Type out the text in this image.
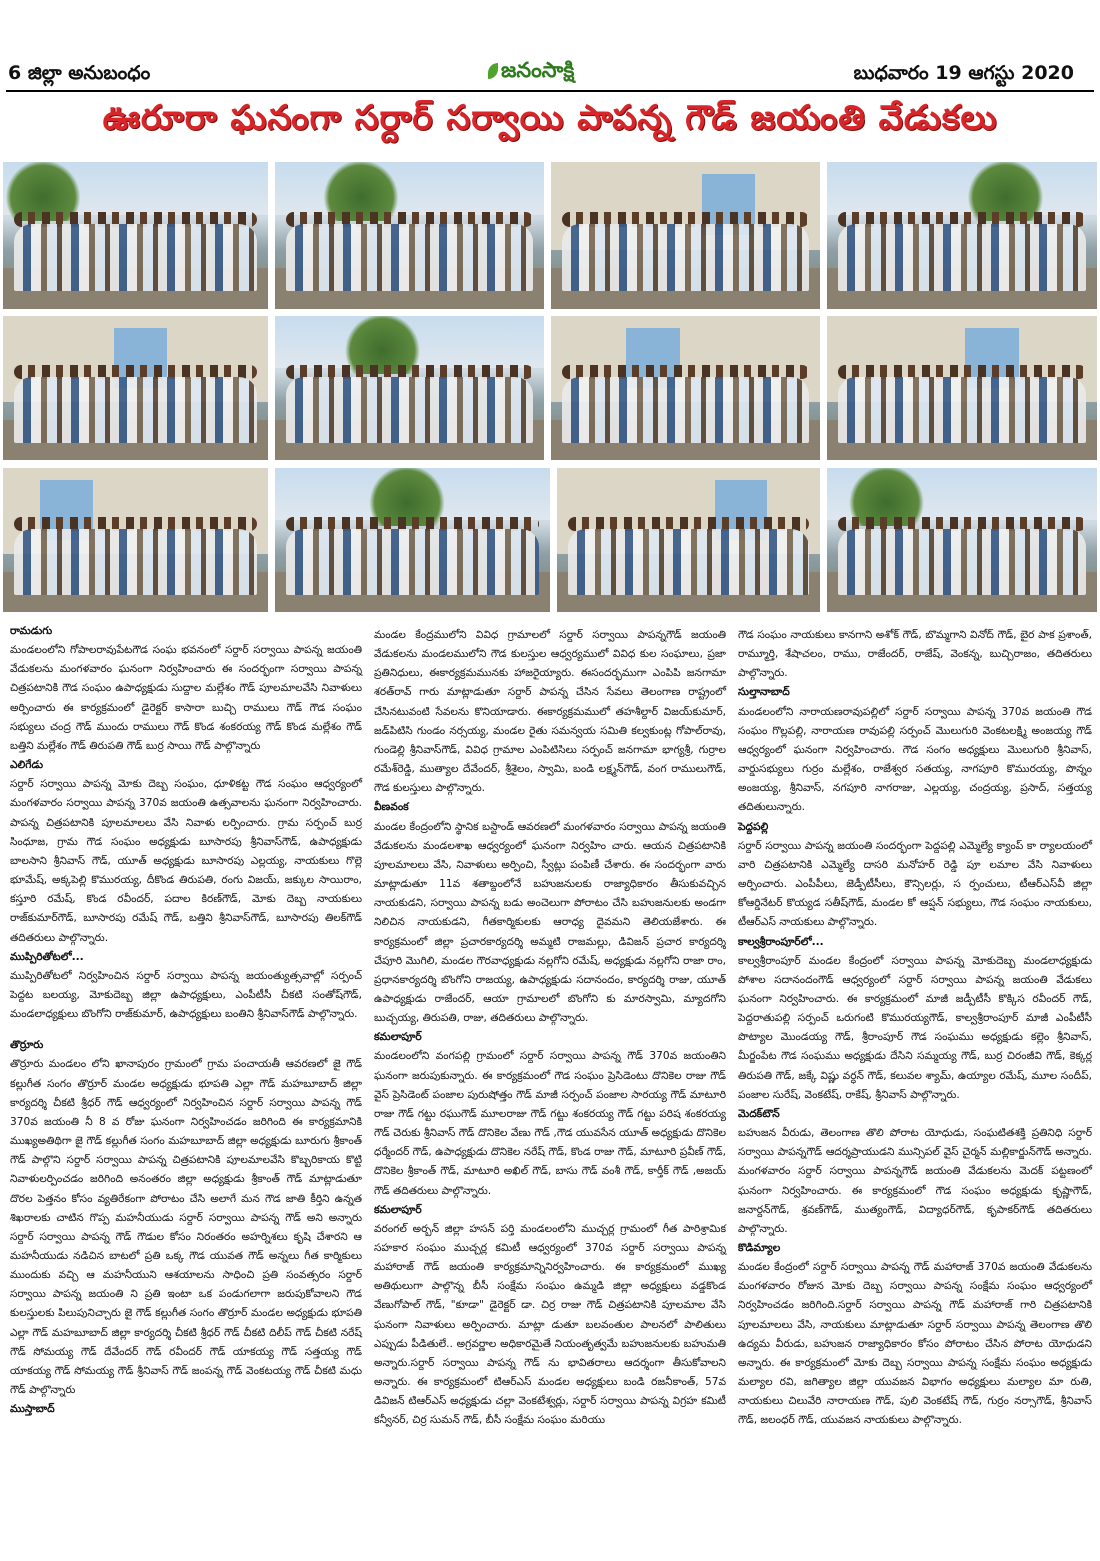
6 జిల్లా అనుబంధం	జనంసాక్షి	బుధవారం 19 ఆగస్టు 2020
ఊరూరా ఘనంగా సర్దార్ సర్వాయి పాపన్న గౌడ్ జయంతి వేడుకలు
రామడుగు

మండలంలోని గోపాలరావుపేటగౌడ సంఘ భవనంలో సర్దార్ సర్వాయి పాపన్న జయంతి వేడుకలను మంగళవారం ఘనంగా నిర్వహించారు ఈ సందర్భంగా సర్వాయి పాపన్న చిత్రపటానికి గౌడ సంఘం ఉపాధ్యక్షుడు సుద్దాల మల్లేశం గౌడ్ పూలమాలవేసి నివాళులు అర్పించారు ఈ కార్యక్రమంలో డైరెక్టర్ కాసారా బుచ్చి రాములు గౌడ్ గౌడ సంఘం సభ్యులు చంద్ర గౌడ్ ముందు రాములు గౌడ్ కొండ శంకరయ్య గౌడ్ కొండ మల్లేశం గౌడ్ బత్తిని మల్లేశం గౌడ్ తిరుపతి గౌడ్ బుర్ర సాయి గౌడ్ పాల్గొన్నారు

ఎలిగేడు

సర్దార్ సర్వాయి పాపన్న మోకు దెబ్బ సంఘం, ధూళికట్ట గౌడ సంఘం ఆధ్వర్యంలో మంగళవారం సర్వాయి పాపన్న 370వ జయంతి ఉత్సవాలను ఘనంగా నిర్వహించారు. పాపన్న చిత్రపటానికి పూలమాలలు వేసి నివాళు లర్పించారు. గ్రామ సర్పంచ్ బుర్ర సింధూజ, గ్రామ గౌడ సంఘం అధ్యక్షుడు బూసారపు శ్రీనివాస్‌గౌడ్, ఉపాధ్యక్షుడు బాలసాని శ్రీనివాస్ గౌడ్, యూత్ అధ్యక్షుడు బూసారపు ఎల్లయ్య, నాయకులు గొల్లె భూమేష్, అక్కపెల్లి కొమురయ్య, దీకొండ తిరుపతి, రంగు విజయ్, జక్కుల సాయిరాం, కస్తూరి రమేష్, కొండ రవీందర్, పదాల కిరణ్‌గౌడ్, మోకు దెబ్బ నాయకులు రాజ్‌కుమార్‌గౌడ్, బూసారపు రమేష్ గౌడ్, బత్తిని శ్రీనివాస్‌గౌడ్, బూసారపు తిలక్‌గౌడ్ తదితరులు పాల్గొన్నారు.

ముప్పిరితోటలో...

ముప్పిరితోటలో నిర్వహించిన సర్దార్ సర్వాయి పాపన్న జయంత్యుత్సవాల్లో సర్పంచ్ పెద్దట బలయ్య, మోకుదెబ్బ జిల్లా ఉపాధ్యక్షులు, ఎంపీటీసీ చీకటి సంతోష్‌గౌడ్, మండలాధ్యక్షులు బొంగోని రాజ్‌కుమార్, ఉపాధ్యక్షులు బంతిని శ్రీనివాస్‌గౌడ్ పాల్గొన్నారు.

తొర్రూరు

తొర్రూరు మండలం లోని ఖానాపురం గ్రామంలో గ్రామ పంచాయతీ ఆవరణలో జై గౌడ్ కల్లుగీత సంగం తొర్రూర్ మండల అధ్యక్షుడు భూపతి ఎల్లా గౌడ్ మహబూబాద్ జిల్లా కార్యదర్శి చీకటి శ్రీధర్ గౌడ్ ఆధ్వర్యంలో నిర్వహించిన సర్దార్ సర్వాయి పాపన్న గౌడ్ 370వ జయంతి నీ 8 వ రోజు ఘనంగా నిర్వహించడం జరిగింది ఈ కార్యక్రమానికి ముఖ్యఅతిథిగా జై గౌడ్ కల్లుగీత సంగం మహబూబాద్ జిల్లా అధ్యక్షుడు బూరుగు శ్రీకాంత్ గౌడ్ పాల్గొని సర్దార్ సర్వాయి పాపన్న చిత్రపటానికి పూలమాలవేసి కొబ్బరికాయ కొట్టి నివాళులర్పించడం జరిగింది అనంతరం జిల్లా అధ్యక్షుడు శ్రీకాంత్ గౌడ్ మాట్లాడుతూ దొరల పెత్తనం కోసం వ్యతిరేకంగా పోరాటం చేసి అలాగే మన గౌడ జాతి కీర్తిని ఉన్నత శిఖరాలకు చాటిన గొప్ప మహనీయుడు సర్దార్ సర్వాయి పాపన్న గౌడ్ అని అన్నారు సర్దార్ సర్వాయి పాపన్న గౌడ్ గౌడుల కోసం నిరంతరం అహర్నిశలు కృషి చేశారని ఆ మహనీయుడు నడిచిన బాటలో ప్రతి ఒక్క గౌడ యువత గౌడ్ అన్నలు గీత కార్మికులు ముందుకు వచ్చి ఆ మహనీయుని ఆశయాలను సాధించి ప్రతి సంవత్సరం సర్దార్ సర్వాయి పాపన్న జయంతి ని ప్రతి ఇంటా ఒక పండుగలాగా జరుపుకోవాలని గౌడ కులస్తులకు పిలుపునిచ్చారు జై గౌడ్ కల్లుగీత సంగం తొర్రూర్ మండల అధ్యక్షుడు భూపతి ఎల్లా గౌడ్ మహబూబాద్ జిల్లా కార్యదర్శి చీకటి శ్రీధర్ గౌడ్ చీకటి దిలీప్ గౌడ్ చీకటి నరేష్ గౌడ్ సోమయ్య గౌడ్ దేవేందర్ గౌడ్ రవీందర్ గౌడ్ యాకయ్య గౌడ్ సత్తయ్య గౌడ్ యాకయ్య గౌడ్ సోమయ్య గౌడ్ శ్రీనివాస్ గౌడ్ జంపన్న గౌడ్ వెంకటయ్య గౌడ్ చీకటి మధు గౌడ్ పాల్గొన్నారు

ముస్తాబాద్

మండల కేంద్రములోని వివిధ గ్రామాలలో సర్దార్ సర్వాయి పాపన్నగౌడ్ జయంతి వేడుకలను మండలములోని గౌడ కులస్తుల ఆధ్వర్యములో వివిధ కుల సంఘాలు, ప్రజా ప్రతినిధులు, ఈకార్యక్రమమునకు హాజరైయ్యారు. ఈసందర్భముగా ఎంపిపి జనగామా శరత్‌రావ్ గారు మాట్లాడుతూ సర్దార్ పాపన్న చేసిన సేవలు తెలంగాణ రాష్ట్రంలో చేసినటువంటి సేవలను కొనియాడారు. ఈకార్యక్రమములో తహశీల్దార్ విజయ్‌కుమార్, జడ్‌పిటిసి గుండం నర్సయ్య, మండల రైతు సమన్వయ సమితి కల్వకుంట్ల గోపాల్‌రావు, గుండెల్లి శ్రీనివాస్‌గౌడ్, వివిధ గ్రామాల ఎంపిటిసిలు సర్పంచ్ జనగామా భాగ్యశ్రీ, గుర్రాల రమేశ్‌రెడ్డి, ముత్యాల దేవేందర్, శ్రీశైలం, స్వామి, బండి లక్ష్మన్‌గౌడ్, వంగ రాములుగౌడ్, గౌడ కులస్తులు పాల్గొన్నారు.

వీణవంక

మండల కేంద్రంలోని స్థానిక బస్టాండ్ ఆవరణలో మంగళవారం సర్వాయి పాపన్న జయంతి వేడుకలను మండలశాఖ ఆధ్వర్యంలో ఘనంగా నిర్వహిం చారు. ఆయన చిత్రపటానికి పూలమాలలు వేసి, నివాళులు అర్పించి, స్వీట్లు పంపిణీ చేశారు. ఈ సందర్భంగా వారు మాట్లాడుతూ 11వ శతాబ్దంలోనే బహుజనులకు రాజ్యాధికారం తీసుకువచ్చిన నాయకుడని, సర్వాయి పాపన్న బడు అంచెలుగా పోరాటం చేసి బహుజనులకు అండగా నిలిచిన నాయకుడని, గీతకార్మికులకు ఆరాధ్య దైవమని తెలియజేశారు. ఈ కార్యక్రమంలో జిల్లా ప్రచారకార్యదర్శి అమ్మటి రాజమల్లు, డివిజన్ ప్రచార కార్యదర్శి చేపూరి మొగిలి, మండల గౌరవాధ్యక్షుడు నల్లగోని రమేష్, అధ్యక్షుడు నల్లగోని రాజా రాం, ప్రధానకార్యదర్శి బొంగోని రాజయ్య, ఉపాధ్యక్షుడు సదానందం, కార్యదర్శి రాజు, యూత్ ఉపాధ్యక్షుడు రాజేందర్, ఆయా గ్రామాలలో బొంగోని కు మారస్వామి, మ్యాదగోని బుచ్చయ్య, తిరుపతి, రాజు, తదితరులు పాల్గొన్నారు.

కమలాపూర్

మండలంలోని వంగపల్లి గ్రామంలో సర్దార్ సర్వాయి పాపన్న గౌడ్ 370వ జయంతిని ఘనంగా జరుపుకున్నారు. ఈ కార్యక్రమంలో గౌడ సంఘం ప్రెసిడెంటు దొనికెల రాజు గౌడ్ వైస్ ప్రెసిడెంట్ పంజాల పురుషోత్తం గౌడ్ మాజీ సర్పంచ్ పంజాల సారయ్య గౌడ్ మాటూరి రాజు గౌడ్ గట్టు రఘుగౌడ్ మూలరాజు గౌడ్ గట్టు శంకరయ్య గౌడ్ గట్టు పరిష శంకరయ్య గౌడ్ చెరుకు శ్రీనివాస్ గౌడ్ దొనికెల వేణు గౌడ్ ,గౌడ యువసేన యూత్ అధ్యక్షుడు దొనికెల ధర్మేందర్ గౌడ్, ఉపాధ్యక్షుడు దొనికెల నరేష్ గౌడ్, కొండ రాజు గౌడ్, మాటూరి ప్రవీణ్ గౌడ్, దొనికెల శ్రీకాంత్ గౌడ్, మాటూరి అఖిల్ గౌడ్, బాసు గౌడ్ వంశీ గౌడ్, కార్తీక్ గౌడ్ ,అజయ్ గౌడ్ తదితరులు పాల్గొన్నారు.

కమలాపూర్

వరంగల్ అర్బన్ జిల్లా హసన్ పర్తి మండలంలోని ముచ్చర్ల గ్రామంలో గీత పారిశ్రామిక సహకార సంఘం ముచ్చర్ల కమిటీ ఆధ్వర్యంలో 370వ సర్దార్ సర్వాయి పాపన్న మహారాజ్ గౌడ్ జయంతి కార్యక్రమాన్నినిర్వహించారు. ఈ కార్యక్రమంలో ముఖ్య అతిథులుగా పాల్గొన్న బీసీ సంక్షేమ సంఘం ఉమ్మడి జిల్లా అధ్యక్షులు వడ్డకొండ వేణుగోపాల్ గౌడ్, "కూడా" డైరెక్టర్ డా. చిర్ర రాజు గౌడ్ చిత్రపటానికి పూలమాల వేసి ఘనంగా నివాళులు అర్పించారు. మాట్లా డుతూ బలవంతుల పాలనలో పాలితులు ఎప్పుడు పీడితులే.. అగ్రవర్ణాల అధికారమైతే నియంతృత్వమే బహుజనులకు బహుమతి అన్నారు.సర్దార్ సర్వాయి పాపన్న గౌడ్ ను భావితరాలు ఆదర్శంగా తీసుకోవాలని అన్నారు. ఈ కార్యక్రమంలో టిఆర్ఎస్ మండల అధ్యక్షులు బండి రజనీకాంత్, 57వ డివిజన్ టిఆర్ఎస్ అధ్యక్షుడు చల్లా వెంకటేశ్వర్లు, సర్దార్ సర్వాయి పాపన్న విగ్రహ కమిటీ కన్వీనర్, చిర్ర సుమన్ గౌడ్, బీసీ సంక్షేమ సంఘం మరియు

గౌడ సంఘం నాయకులు కానగాని అశోక్ గౌడ్, బొమ్మగాని వినోద్ గౌడ్, బైర పాక ప్రశాంత్, రామ్మూర్తి, శేషాచలం, రాము, రాజేందర్, రాజేష్, వెంకన్న, బుచ్చిరాజం, తదితరులు పాల్గొన్నారు.

సుల్తానాబాద్

మండలంలోని నారాయణరావుపల్లిలో సర్దార్ సర్వాయి పాపన్న 370వ జయంతి గౌడ సంఘం గొల్లపల్లి, నారాయణ రావుపల్లి సర్పంచ్ మొలుగురి వెంకటలక్ష్మి అంజయ్య గౌడ్ ఆధ్వర్యంలో ఘనంగా నిర్వహించారు. గౌడ సంగం అధ్యక్షులు మొలుగురి శ్రీనివాస్, వార్డుసభ్యులు గుర్రం మల్లేశం, రాజేశ్వర సతయ్య, నాగపూరి కొమురయ్య, పొన్నం అంజయ్య, శ్రీనివాస్, నగపూరి నాగరాజు, ఎల్లయ్య, చంద్రయ్య, ప్రసాద్, సత్తయ్య తదితులున్నారు.

పెద్దపల్లి

సర్దార్ సర్వాయి పాపన్న జయంతి సందర్భంగా పెద్దపల్లి ఎమ్మెల్యే క్యాంప్ కా ర్యాలయంలో వారి చిత్రపటానికి ఎమ్మెల్యే దాసరి మనోహర్ రెడ్డి పూ లమాల వేసి నివాళులు అర్పించారు. ఎంపీపీలు, జెడ్పీటీసీలు, కౌన్సిలర్లు, స ర్పంచులు, టీఆర్ఎస్‌వీ జిల్లా కోఆర్డినేటర్ కొయ్యడ సతీష్‌గౌడ్, మండల కో ఆప్షన్ సభ్యులు, గౌడ సంఘం నాయకులు, టీఆర్ఎస్ నాయకులు పాల్గొన్నారు.

కాల్వశ్రీరాంపూర్‌లో...

కాల్వశ్రీరాంపూర్ మండల కేంద్రంలో సర్వాయి పాపన్న మోకుదెబ్బ మండలాధ్యక్షుడు పోశాల సదానందంగౌడ్ ఆధ్వర్యంలో సర్దార్ సర్వాయి పాపన్న జయంతి వేడుకలు ఘనంగా నిర్వహించారు. ఈ కార్యక్రమంలో మాజీ జడ్పీటీసీ కొక్కిస రవీందర్ గౌడ్, పెద్దరాతుపల్లి సర్పంచ్ ఒరుగంటి కొమురయ్యగౌడ్, కాల్వశ్రీరాంపూర్ మాజీ ఎంపీటీసీ పొట్యాల మొండయ్య గౌడ్, శ్రీరాంపూర్ గౌడ సంఘము అధ్యక్షుడు కల్లెం శ్రీనివాస్, మీర్జంపేట గౌడ సంఘము అధ్యక్షుడు దేసిని సమ్మయ్య గౌడ్, బుర్ర చిరంజీవి గౌడ్, కెక్కర్ల తిరుపతి గౌడ్, జక్కే విష్ణు వర్ధన్ గౌడ్, కలువల శ్యామ్, ఉయ్యాల రమేష్, మూల సందీప్, పంజాల సురేష్, వెంకటేష్, రాకేష్, శ్రీనివాస్ పాల్గొన్నారు.

మెదక్‌టౌన్

బహుజన వీరుడు, తెలంగాణ తొలి పోరాట యోధుడు, సంఘటితశక్తి ప్రతినిధి సర్దార్ సర్వాయి పాపన్నగౌడ్ ఆదర్శప్రాయుడని మున్సిపల్ వైస్ చైర్మన్ మల్లికార్జున్‌గౌడ్ అన్నారు. మంగళవారం సర్దార్ సర్వాయి పాపన్నగౌడ్ జయంతి వేడుకలను మెదక్ పట్టణంలో ఘనంగా నిర్వహించారు. ఈ కార్యక్రమంలో గౌడ సంఘం అధ్యక్షుడు కృష్ణాగౌడ్, జనార్దన్‌గౌడ్, శ్రవణ్‌గౌడ్, ముత్యంగౌడ్, విద్యాధర్‌గౌడ్, కృపాకర్‌గౌడ్ తదితరులు పాల్గొన్నారు.

కొడిమ్యాల

మండల కేంద్రంలో సర్దార్ సర్వాయి పాపన్న గౌడ్ మహారాజ్ 370వ జయంతి వేడుకలను మంగళవారం రోజున మోకు దెబ్బ సర్వాయి పాపన్న సంక్షేమ సంఘం ఆధ్వర్యంలో నిర్వహించడం జరిగింది.సర్దార్ సర్వాయి పాపన్న గౌడ్ మహారాజ్ గారి చిత్రపటానికి పూలమాలలు వేసి, నాయకులు మాట్లాడుతూ సర్దార్ సర్వాయి పాపన్న తెలంగాణ తొలి ఉద్యమ వీరుడు, బహుజన రాజ్యాధికారం కోసం పోరాటం చేసిన పోరాట యోధుడని అన్నారు. ఈ కార్యక్రమంలో మోకు దెబ్బ సర్వాయి పాపన్న సంక్షేమ సంఘం అధ్యక్షుడు మల్యాల రవి, జగిత్యాల జిల్లా యువజన విభాగం అధ్యక్షులు మల్యాల మా రుతి, నాయకులు చిలువేరి నారాయణ గౌడ్, పులి వెంకటేష్ గౌడ్, గుర్రం నర్సాగౌడ్, శ్రీనివాస్ గౌడ్, జలంధర్ గౌడ్, యువజన నాయకులు పాల్గొన్నారు.
